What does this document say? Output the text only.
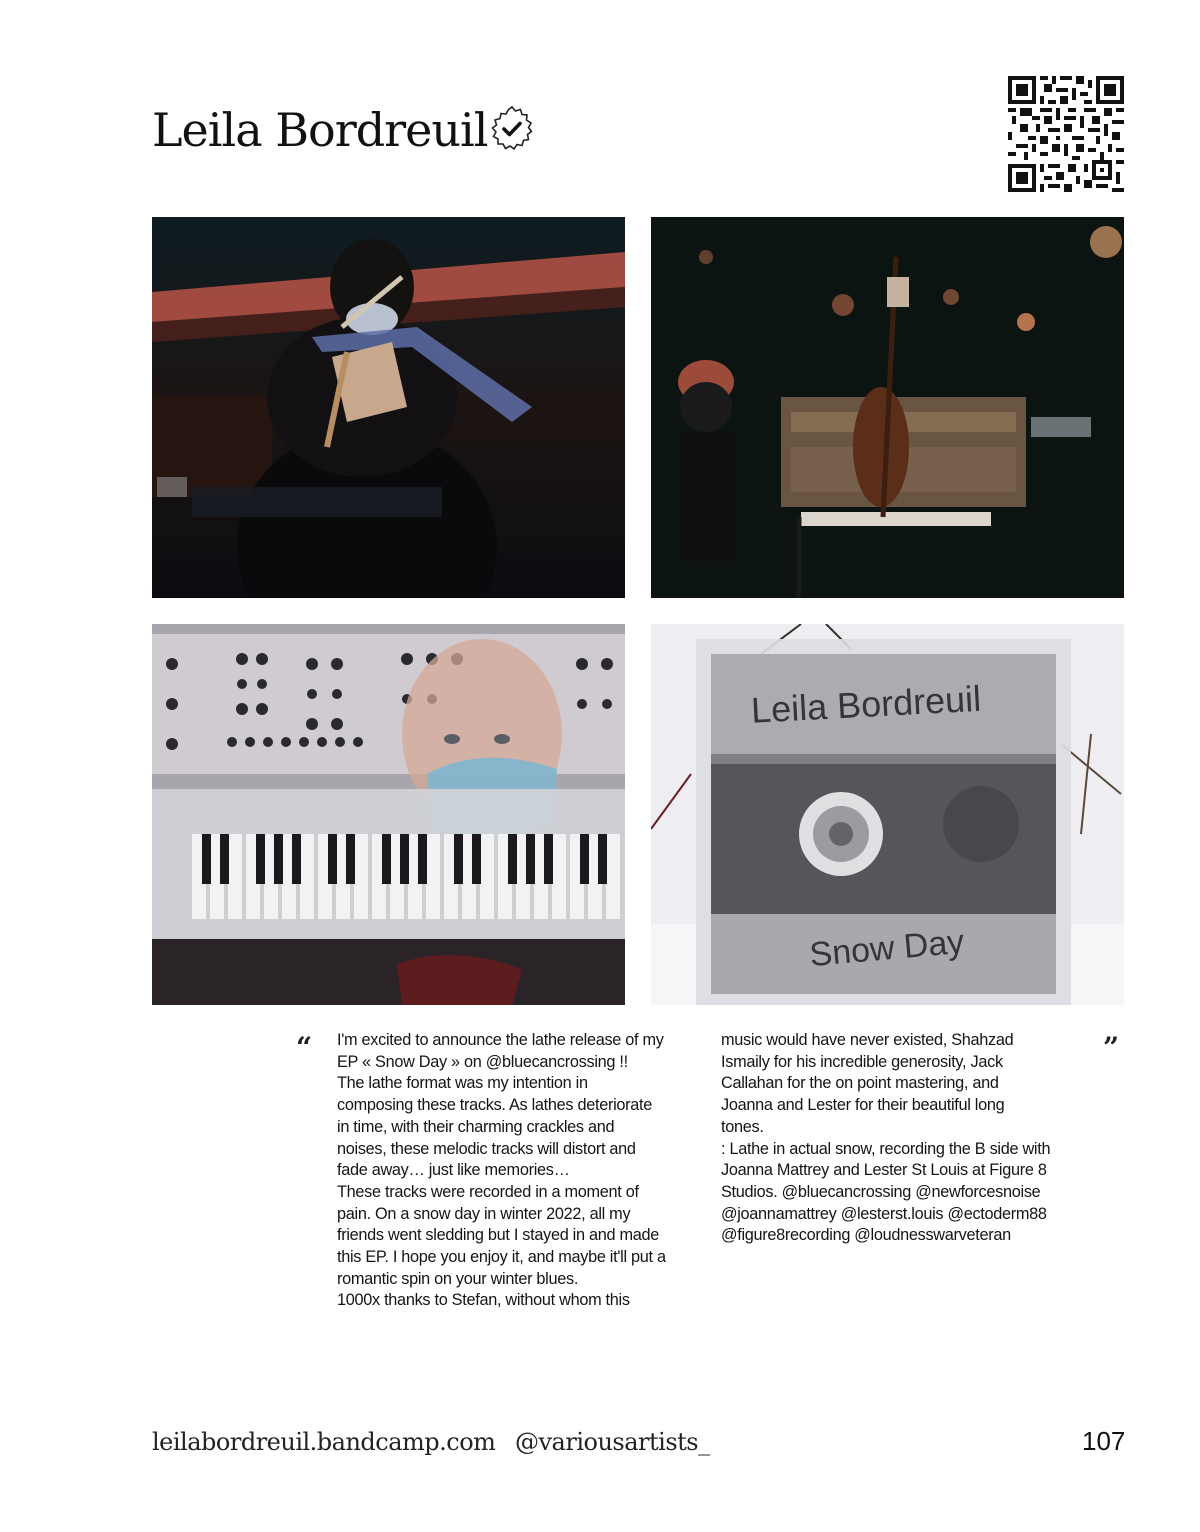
Leila Bordreuil
Leila Bordreuil
Snow Day
“	”

I'm excited to announce the lathe release of my

EP « Snow Day » on @bluecancrossing !!

The lathe format was my intention in

composing these tracks. As lathes deteriorate

in time, with their charming crackles and

noises, these melodic tracks will distort and

fade away… just like memories…

These tracks were recorded in a moment of

pain. On a snow day in winter 2022, all my

friends went sledding but I stayed in and made

this EP. I hope you enjoy it, and maybe it'll put a

romantic spin on your winter blues.

1000x thanks to Stefan, without whom this

music would have never existed, Shahzad

Ismaily for his incredible generosity, Jack

Callahan for the on point mastering, and

Joanna and Lester for their beautiful long

tones.

: Lathe in actual snow, recording the B side with

Joanna Mattrey and Lester St Louis at Figure 8

Studios. @bluecancrossing @newforcesnoise

@joannamattrey @lesterst.louis @ectoderm88

@figure8recording @loudnesswarveteran

leilabordreuil.bandcamp.com @variousartists_	107
